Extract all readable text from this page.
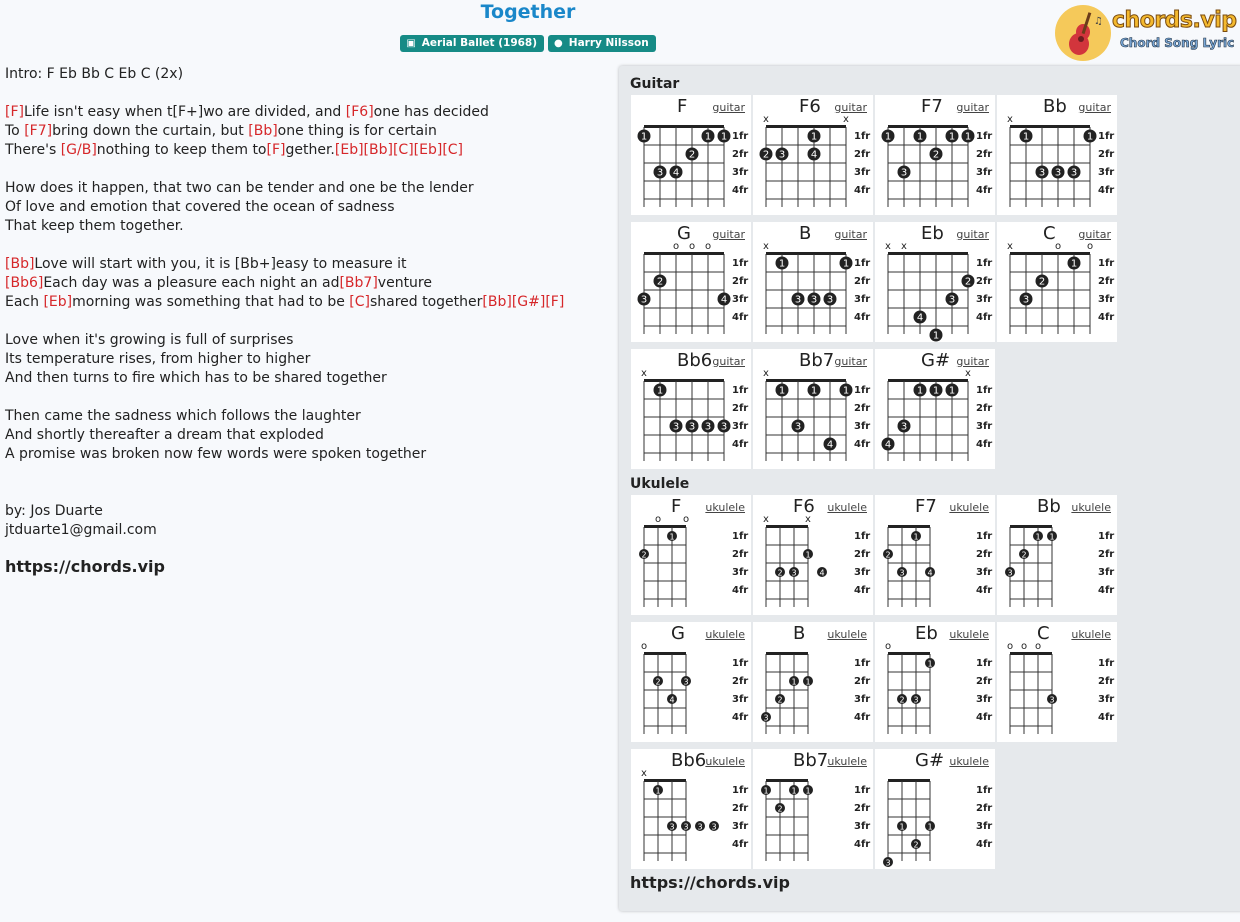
Together
▣ Aerial Ballet (1968) ● Harry Nilsson
♫ chords.vip
Chord Song Lyric
Intro: F Eb Bb C Eb C (2x)
[F]Life isn't easy when t[F+]wo are divided, and [F6]one has decided
To [F7]bring down the curtain, but [Bb]one thing is for certain
There's [G/B]nothing to keep them to[F]gether.[Eb][Bb][C][Eb][C]
How does it happen, that two can be tender and one be the lender
Of love and emotion that covered the ocean of sadness
That keep them together.
[Bb]Love will start with you, it is [Bb+]easy to measure it
[Bb6]Each day was a pleasure each night an ad[Bb7]venture
Each [Eb]morning was something that had to be [C]shared together[Bb][G#][F]
Love when it's growing is full of surprises
Its temperature rises, from higher to higher
And then turns to fire which has to be shared together
Then came the sadness which follows the laughter
And shortly thereafter a dream that exploded
A promise was broken now few words were spoken together
by: Jos Duarte
jtduarte1@gmail.com
https://chords.vip
Guitar
F guitar
1fr
2fr
3fr
4fr
1	1 1
2
3 4
F6 guitar
1fr
2fr
3fr
4fr
x	x
1
2 3	4
F7 guitar
1fr
2fr
3fr
4fr
1	1	1 1
2
3
Bb guitar
1fr
2fr
3fr
4fr
x
1	1
3 3 3
G guitar
1fr
2fr
3fr
4fr
o o o
2
3	4
B guitar
1fr
2fr
3fr
4fr
x
1	1
3 3 3
Eb guitar
1fr
2fr
3fr
4fr
x x
2
3
4
1
C guitar
1fr
2fr
3fr
4fr
x	o	o
1
2
3
Bb6 guitar
1fr
2fr
3fr
4fr
x
1
3 3 3 3
Bb7 guitar
1fr
2fr
3fr
4fr
x
1	1	1
3
4
G# guitar
1fr
2fr
3fr
4fr
x
1 1 1
3
4
Ukulele
F ukulele
1fr
2fr
3fr
4fr
o o
1
2
F6 ukulele
1fr
2fr
3fr
4fr
x	x
1
2 3	4
F7 ukulele
1fr
2fr
3fr
4fr
1
2
3	4
Bb ukulele
1fr
2fr
3fr
4fr
1 1
2
3
G ukulele
1fr
2fr
3fr
4fr
o
2	3
4
B ukulele
1fr
2fr
3fr
4fr
1 1
2
3
Eb ukulele
1fr
2fr
3fr
4fr
o
1
2 3
C ukulele
1fr
2fr
3fr
4fr
o o o
3
Bb6 ukulele
1fr
2fr
3fr
4fr
x
1
3 3 3 3
Bb7 ukulele
1fr
2fr
3fr
4fr
1	1 1
2
G# ukulele
1fr
2fr
3fr
4fr
1	1
2
3
https://chords.vip
